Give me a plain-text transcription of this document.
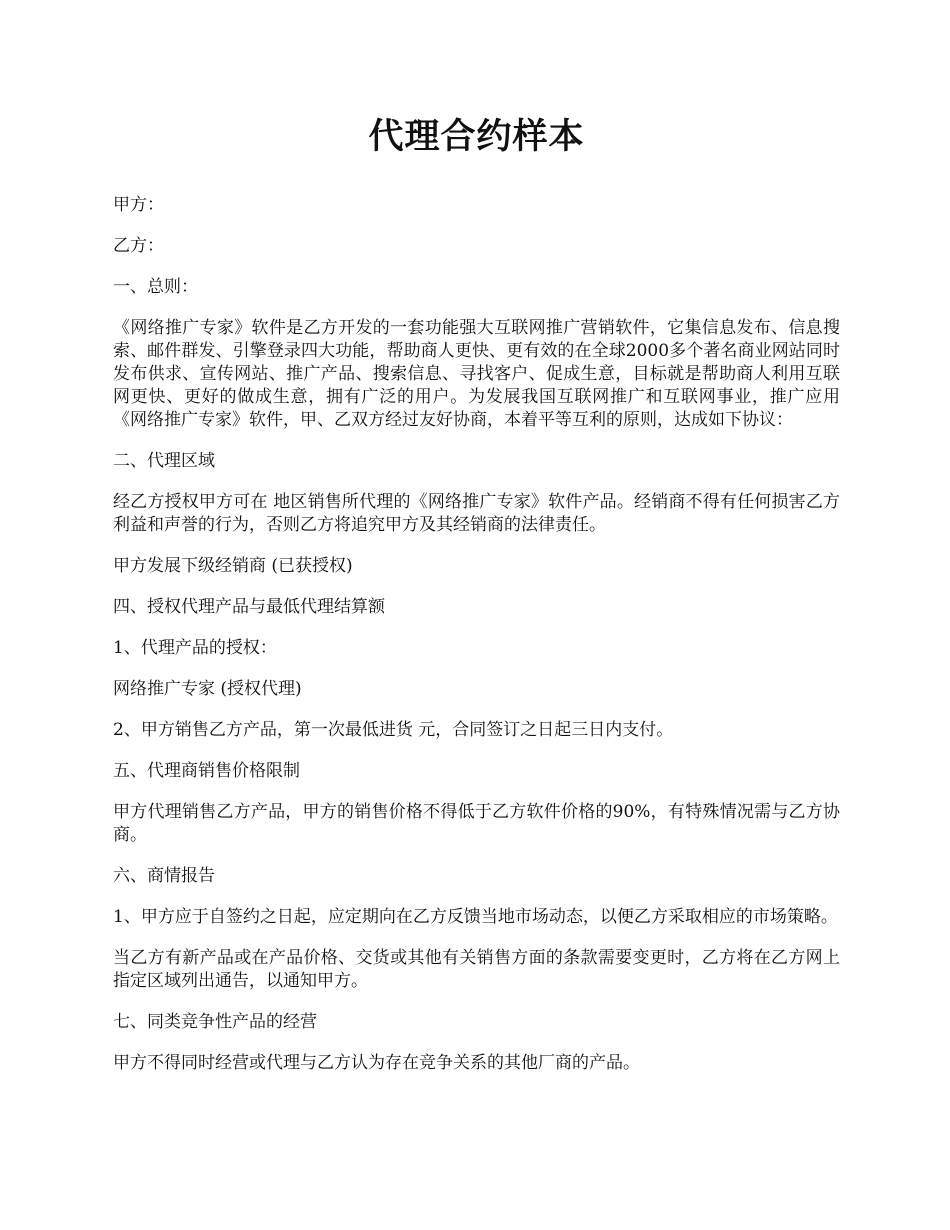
代理合约样本

甲方：

乙方：

一、总则：

《网络推广专家》软件是乙方开发的一套功能强大互联网推广营销软件，它集信息发布、信息搜索、邮件群发、引擎登录四大功能，帮助商人更快、更有效的在全球2000多个著名商业网站同时发布供求、宣传网站、推广产品、搜索信息、寻找客户、促成生意，目标就是帮助商人利用互联网更快、更好的做成生意，拥有广泛的用户。为发展我国互联网推广和互联网事业，推广应用《网络推广专家》软件，甲、乙双方经过友好协商，本着平等互利的原则，达成如下协议：

二、代理区域

经乙方授权甲方可在 地区销售所代理的《网络推广专家》软件产品。经销商不得有任何损害乙方利益和声誉的行为，否则乙方将追究甲方及其经销商的法律责任。

甲方发展下级经销商 (已获授权)

四、授权代理产品与最低代理结算额

1、代理产品的授权：

网络推广专家 (授权代理)

2、甲方销售乙方产品，第一次最低进货 元，合同签订之日起三日内支付。

五、代理商销售价格限制

甲方代理销售乙方产品，甲方的销售价格不得低于乙方软件价格的90%，有特殊情况需与乙方协商。

六、商情报告

1、甲方应于自签约之日起，应定期向在乙方反馈当地市场动态，以便乙方采取相应的市场策略。

当乙方有新产品或在产品价格、交货或其他有关销售方面的条款需要变更时，乙方将在乙方网上指定区域列出通告，以通知甲方。

七、同类竞争性产品的经营

甲方不得同时经营或代理与乙方认为存在竞争关系的其他厂商的产品。
